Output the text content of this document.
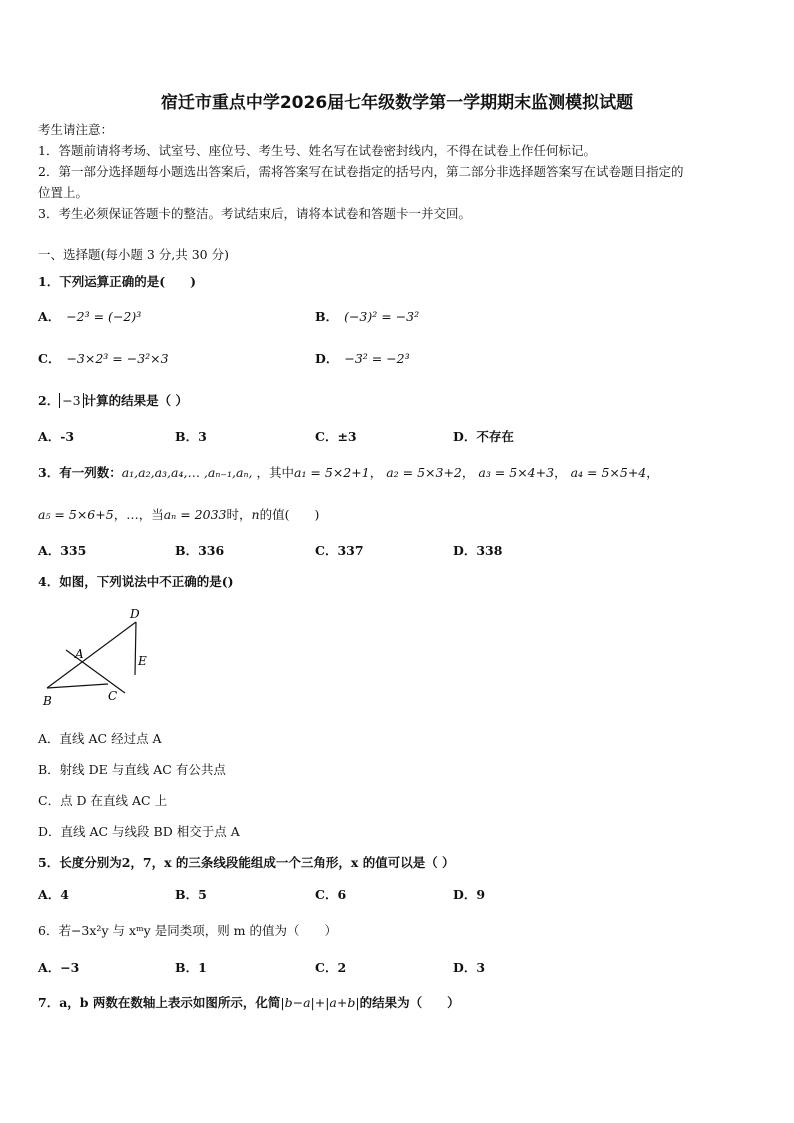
宿迁市重点中学2026届七年级数学第一学期期末监测模拟试题
考生请注意：
1．答题前请将考场、试室号、座位号、考生号、姓名写在试卷密封线内，不得在试卷上作任何标记。
2．第一部分选择题每小题选出答案后，需将答案写在试卷指定的括号内，第二部分非选择题答案写在试卷题目指定的
位置上。
3．考生必须保证答题卡的整洁。考试结束后，请将本试卷和答题卡一并交回。
一、选择题(每小题 3 分,共 30 分)
1．下列运算正确的是(　　)
A． −2³ = (−2)³	B． (−3)² = −3²
C． −3×2³ = −3²×3	D． −3² = −2³
2． −3 计算的结果是（ ）
A．-3	B．3	C．±3	D．不存在
3．有一列数：a₁,a₂,a₃,a₄,… ,aₙ₋₁,aₙ, ，其中a₁ = 5×2+1， a₂ = 5×3+2， a₃ = 5×4+3， a₄ = 5×5+4，
a₅ = 5×6+5，…，当aₙ = 2033时，n的值(　　)
A．335	B．336	C．337	D．338
4．如图，下列说法中不正确的是()
D
A	E
B	C
A．直线 AC 经过点 A
B．射线 DE 与直线 AC 有公共点
C．点 D 在直线 AC 上
D．直线 AC 与线段 BD 相交于点 A
5．长度分别为2，7，x 的三条线段能组成一个三角形，x 的值可以是（ ）
A．4	B．5	C．6	D．9
6．若−3x²y 与 xᵐy 是同类项，则 m 的值为（　　）
A．−3	B．1	C．2	D．3
7．a，b 两数在数轴上表示如图所示，化简|b−a|+|a+b|的结果为（　　）
